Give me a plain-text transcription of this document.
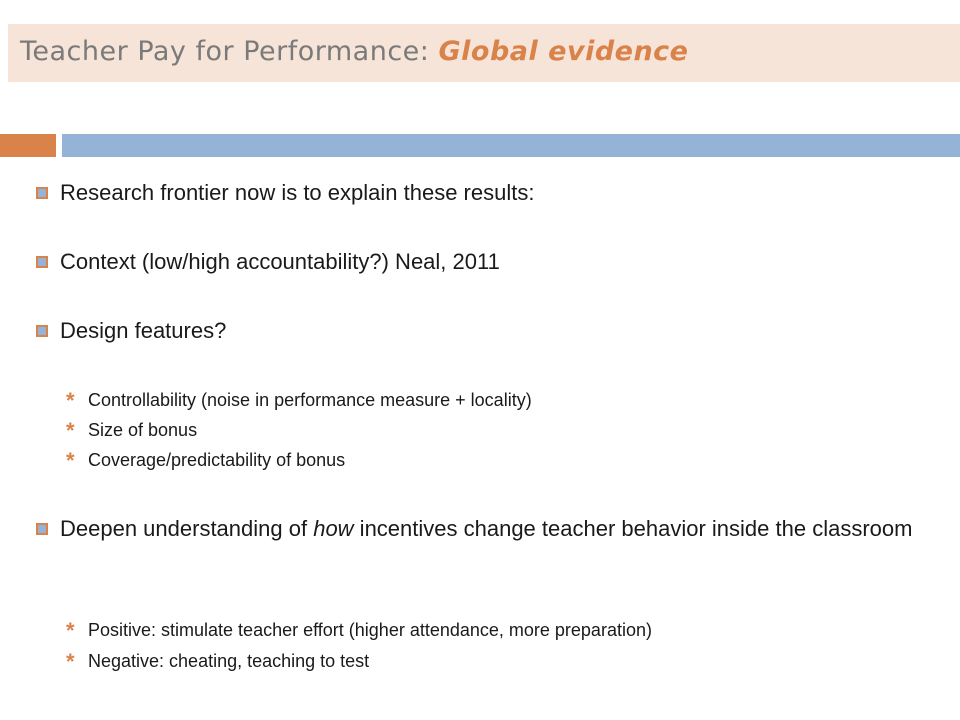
Teacher Pay for Performance: Global evidence
Research frontier now is to explain these results:
Context (low/high accountability?) Neal, 2011
Design features?
* Controllability (noise in performance measure + locality)
* Size of bonus
* Coverage/predictability of bonus
Deepen understanding of how incentives change teacher behavior inside the classroom
* Positive: stimulate teacher effort (higher attendance, more preparation)
* Negative: cheating, teaching to test
